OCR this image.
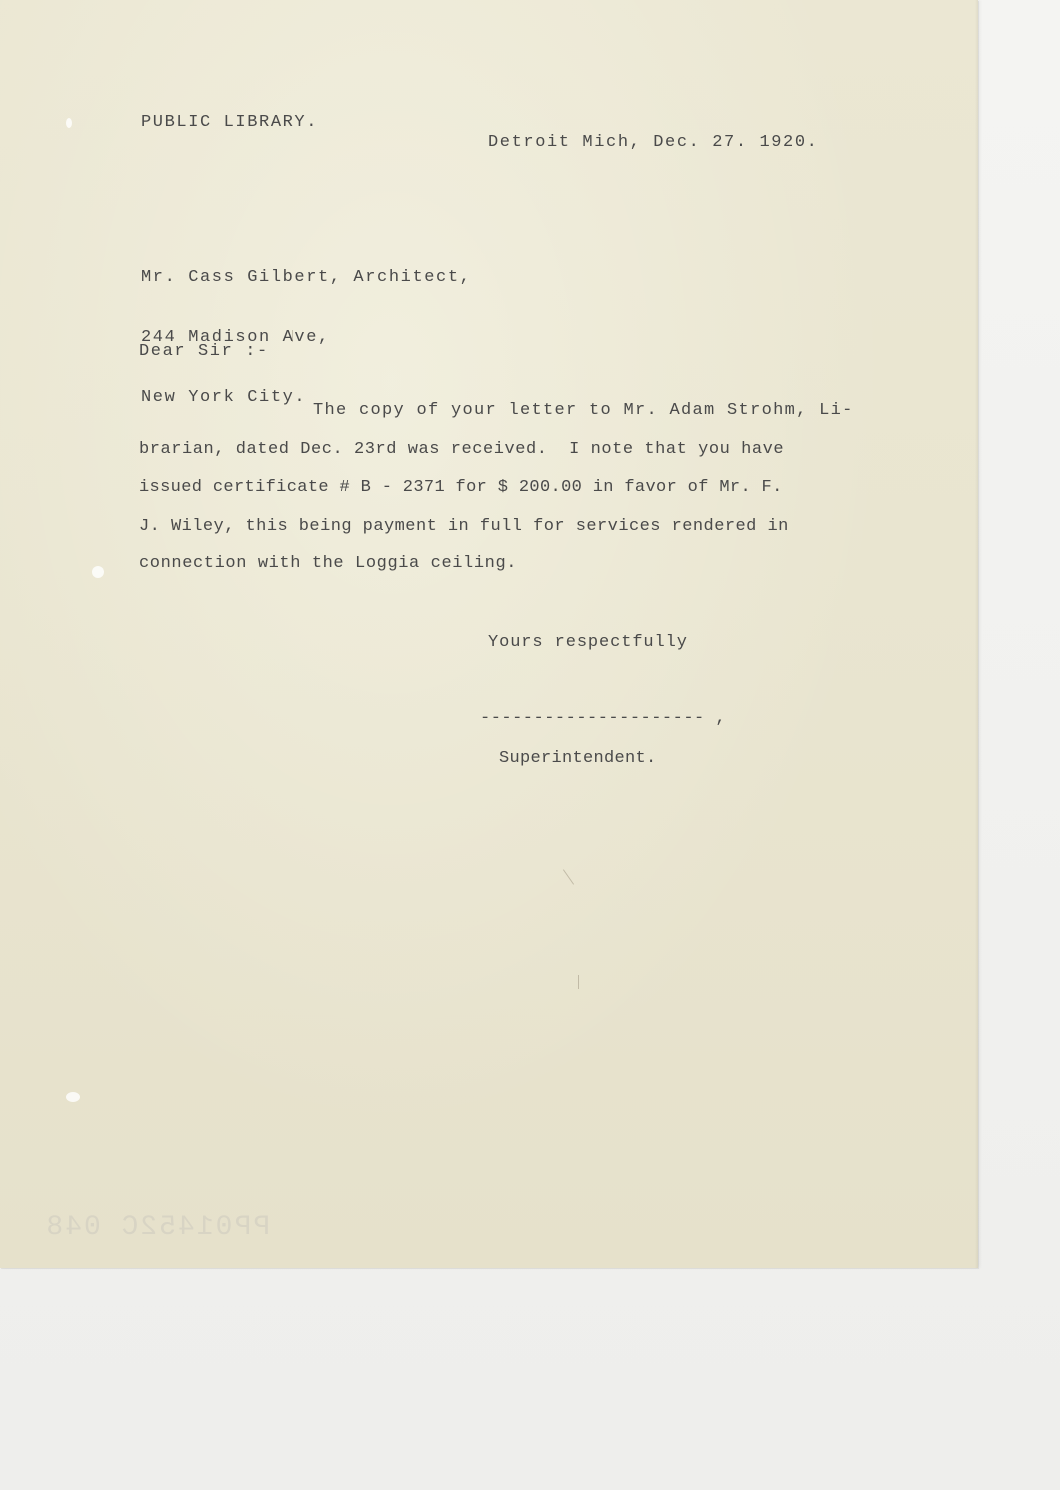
PUBLIC LIBRARY.
Detroit Mich, Dec. 27. 1920.

Mr. Cass Gilbert, Architect,

244 Madison Ave,

New York City.

Dear Sir :-
The copy of your letter to Mr. Adam Strohm, Li-
brarian, dated Dec. 23rd was received.  I note that you have
issued certificate # B - 2371 for $ 200.00 in favor of Mr. F.
J. Wiley, this being payment in full for services rendered in
connection with the Loggia ceiling.
Yours respectfully
--------------------- ,
Superintendent.
PP01452C 048
